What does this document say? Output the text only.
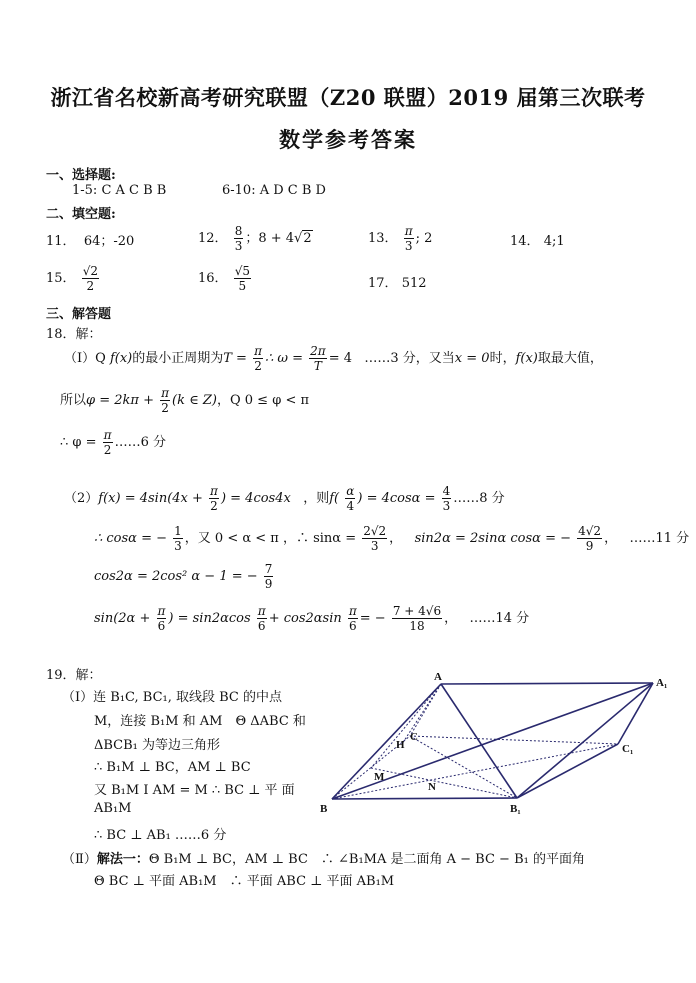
浙江省名校新高考研究联盟（Z20 联盟）2019 届第三次联考
数学参考答案
一、选择题:
1-5: C A C B B	6-10: A D C B D
二、填空题:
11． 64；-20	12． $\frac{8}{3}$ ；8 + 4√2	13． $\frac{\pi}{3}$ ; 2	14． 4;1
15． $\frac{√2}{2}$	16． $\frac{√5}{5}$	17． 512
三、解答题
18．解：
（Ⅰ）Q f(x)的最小正周期为$T = \frac{\pi}{2}$ ∴ $\omega = \frac{2\pi}{T} = 4$ ……3 分，又当x = 0时，f(x)取最大值，
所以$\varphi = 2k\pi + \frac{\pi}{2} (k$ ∈ Z)，Q 0 ≤ φ < π
∴ $\varphi = \frac{\pi}{2}$ ……6 分
$(2)f(x) = 4\sin(4x + \frac{\pi}{2}$ ) = 4cos4x ，则$f( \frac{\alpha}{4}$ ) = $4\cos\alpha = \frac{4}{3}$ ……8 分
∴ cosα = − $\frac{1}{3}$ ，又 0 < α < π ，∴ $\sin\alpha = \frac{2√2}{3}$ ， sin2α = 2sinα cosα = − $\frac{4√2}{9}$ ， ……11 分
cos2α = 2cos² α − 1 = − $\frac{7}{9}$
$\sin(2\alpha + \frac{\pi}{6}$ ) = $\sin 2\alpha\cos \frac{\pi}{6} + \cos 2\alpha\sin \frac{\pi}{6}$ = − $\frac{7 + 4√6}{18}$ ， ……14 分
19．解：
（Ⅰ）连 B₁C, BC₁, 取线段 BC 的中点
M，连接 B₁M 和 AM　Θ ΔABC 和
ΔBCB₁ 为等边三角形
∴ B₁M ⊥ BC，AM ⊥ BC
又 B₁M I AM = M ∴ BC ⊥ 平 面
AB₁M
∴ BC ⊥ AB₁ ……6 分
（Ⅱ）解法一：Θ B₁M ⊥ BC，AM ⊥ BC　∴ ∠B₁MA 是二面角 A − BC − B₁ 的平面角
Θ BC ⊥ 平面 AB₁M　∴ 平面 ABC ⊥ 平面 AB₁M
A	A₁
H
C
C₁
M
N
B	B₁
